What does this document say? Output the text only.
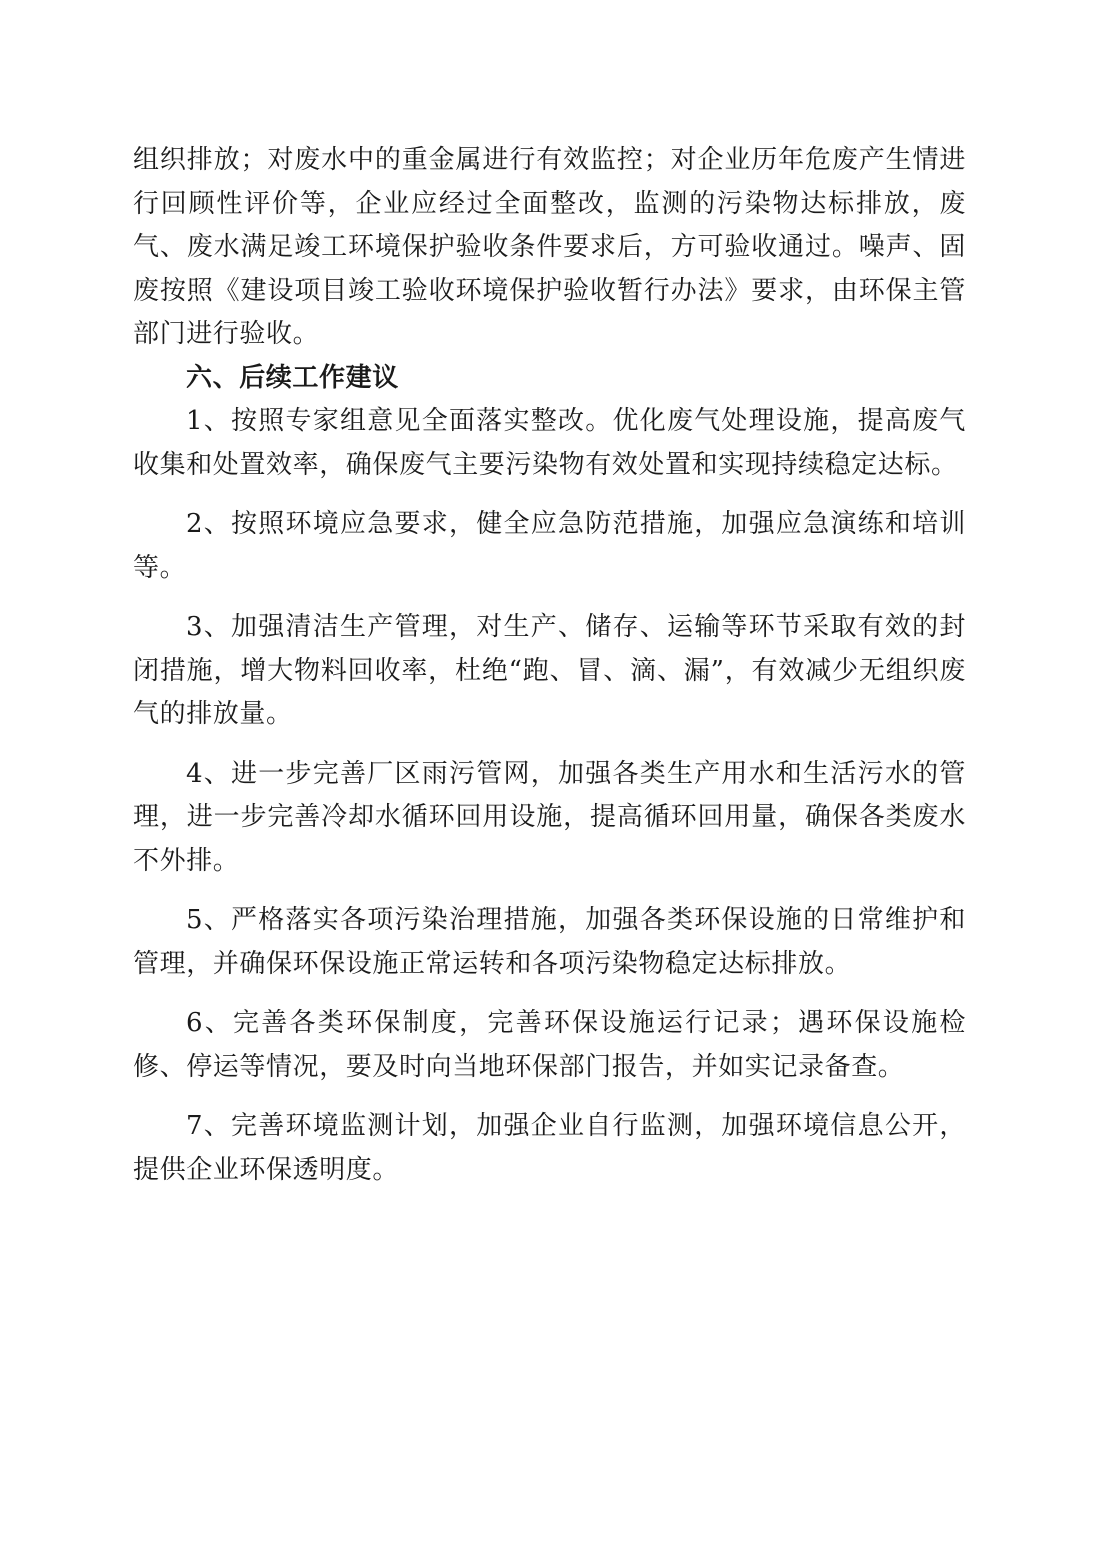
组织排放；对废水中的重金属进行有效监控；对企业历年危废产生情进行回顾性评价等，企业应经过全面整改，监测的污染物达标排放，废气、废水满足竣工环境保护验收条件要求后，方可验收通过。噪声、固废按照《建设项目竣工验收环境保护验收暂行办法》要求，由环保主管部门进行验收。

六、后续工作建议

1、按照专家组意见全面落实整改。优化废气处理设施，提高废气收集和处置效率，确保废气主要污染物有效处置和实现持续稳定达标。

2、按照环境应急要求，健全应急防范措施，加强应急演练和培训等。

3、加强清洁生产管理，对生产、储存、运输等环节采取有效的封闭措施，增大物料回收率，杜绝“跑、冒、滴、漏”，有效减少无组织废气的排放量。

4、进一步完善厂区雨污管网，加强各类生产用水和生活污水的管理，进一步完善冷却水循环回用设施，提高循环回用量，确保各类废水不外排。

5、严格落实各项污染治理措施，加强各类环保设施的日常维护和管理，并确保环保设施正常运转和各项污染物稳定达标排放。

6、完善各类环保制度，完善环保设施运行记录；遇环保设施检修、停运等情况，要及时向当地环保部门报告，并如实记录备查。

7、完善环境监测计划，加强企业自行监测，加强环境信息公开，提供企业环保透明度。
